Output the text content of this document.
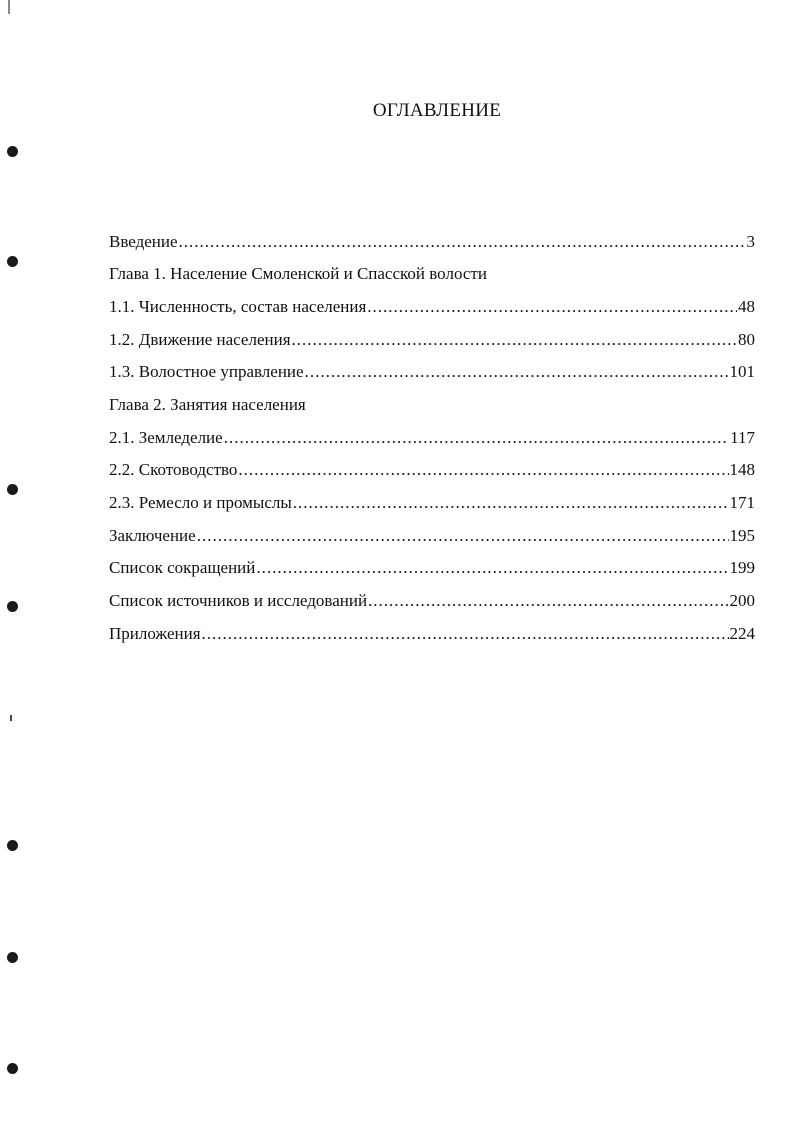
ОГЛАВЛЕНИЕ
Введение .....	3
Глава 1. Население Смоленской и Спасской волости
1.1. Численность, состав населения .....	48
1.2. Движение населения .....	80
1.3. Волостное управление .....	101
Глава 2. Занятия населения
2.1. Земледелие .....	117
2.2. Скотоводство .....	148
2.3. Ремесло и промыслы .....	171
Заключение .....	195
Список сокращений .....	199
Список источников и исследований .....	200
Приложения .....	224
